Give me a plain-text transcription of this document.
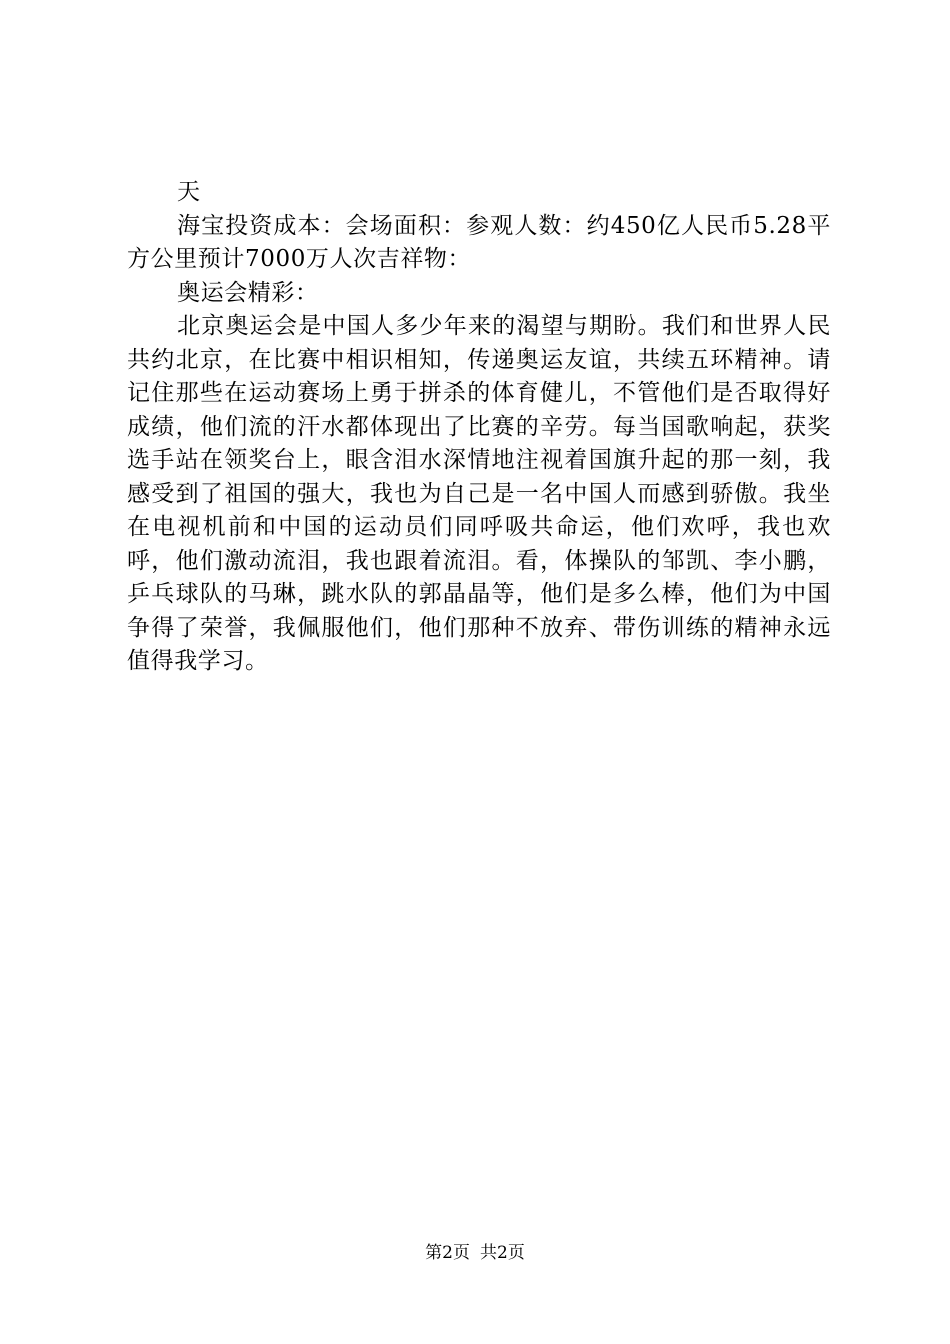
天

海宝投资成本：会场面积：参观人数：约450亿人民币5.28平方公里预计7000万人次吉祥物：

奥运会精彩：

北京奥运会是中国人多少年来的渴望与期盼。我们和世界人民共约北京，在比赛中相识相知，传递奥运友谊，共续五环精神。请记住那些在运动赛场上勇于拼杀的体育健儿，不管他们是否取得好成绩，他们流的汗水都体现出了比赛的辛劳。每当国歌响起，获奖选手站在领奖台上，眼含泪水深情地注视着国旗升起的那一刻，我感受到了祖国的强大，我也为自己是一名中国人而感到骄傲。我坐在电视机前和中国的运动员们同呼吸共命运，他们欢呼，我也欢呼，他们激动流泪，我也跟着流泪。看，体操队的邹凯、李小鹏，乒乓球队的马琳，跳水队的郭晶晶等，他们是多么棒，他们为中国争得了荣誉，我佩服他们，他们那种不放弃、带伤训练的精神永远值得我学习。

第2页 共2页
